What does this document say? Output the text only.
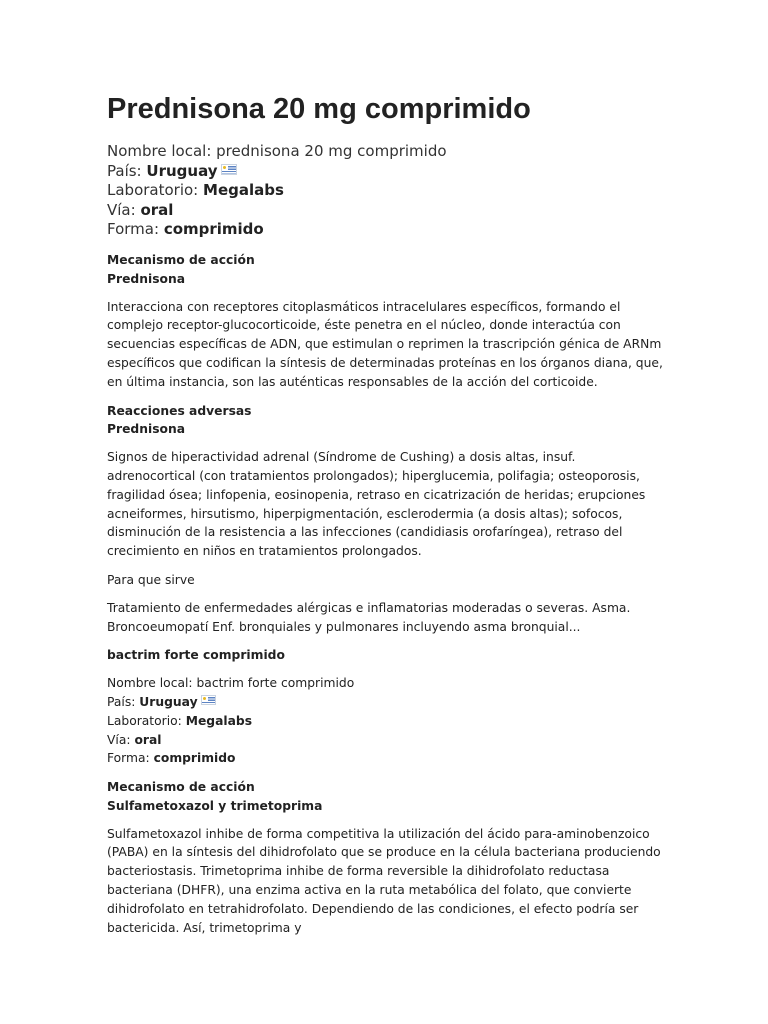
Prednisona 20 mg comprimido
Nombre local: prednisona 20 mg comprimido
País: Uruguay
Laboratorio: Megalabs
Vía: oral
Forma: comprimido
Mecanismo de acción
Prednisona

Interacciona con receptores citoplasmáticos intracelulares específicos, formando el complejo receptor-glucocorticoide, éste penetra en el núcleo, donde interactúa con secuencias específicas de ADN, que estimulan o reprimen la trascripción génica de ARNm específicos que codifican la síntesis de determinadas proteínas en los órganos diana, que, en última instancia, son las auténticas responsables de la acción del corticoide.

Reacciones adversas
Prednisona

Signos de hiperactividad adrenal (Síndrome de Cushing) a dosis altas, insuf. adrenocortical (con tratamientos prolongados); hiperglucemia, polifagia; osteoporosis, fragilidad ósea; linfopenia, eosinopenia, retraso en cicatrización de heridas; erupciones acneiformes, hirsutismo, hiperpigmentación, esclerodermia (a dosis altas); sofocos, disminución de la resistencia a las infecciones (candidiasis orofaríngea), retraso del crecimiento en niños en tratamientos prolongados.

Para que sirve

Tratamiento de enfermedades alérgicas e inflamatorias moderadas o severas. Asma. Broncoeumopatí Enf. bronquiales y pulmonares incluyendo asma bronquial...

bactrim forte comprimido
Nombre local: bactrim forte comprimido
País: Uruguay
Laboratorio: Megalabs
Vía: oral
Forma: comprimido
Mecanismo de acción
Sulfametoxazol y trimetoprima

Sulfametoxazol inhibe de forma competitiva la utilización del ácido para-aminobenzoico (PABA) en la síntesis del dihidrofolato que se produce en la célula bacteriana produciendo bacteriostasis. Trimetoprima inhibe de forma reversible la dihidrofolato reductasa bacteriana (DHFR), una enzima activa en la ruta metabólica del folato, que convierte dihidrofolato en tetrahidrofolato. Dependiendo de las condiciones, el efecto podría ser bactericida. Así, trimetoprima y
